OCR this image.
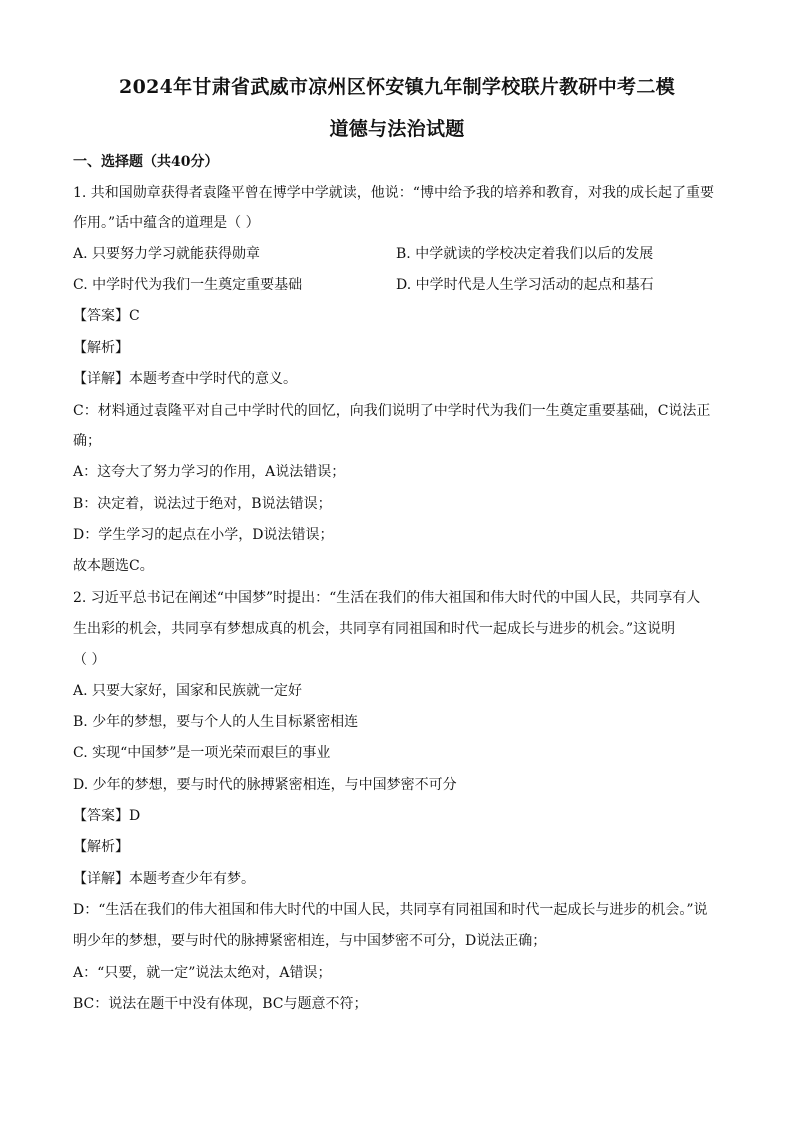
2024年甘肃省武威市凉州区怀安镇九年制学校联片教研中考二模
道德与法治试题
一、选择题（共40分）
1. 共和国勋章获得者袁隆平曾在博学中学就读，他说：“博中给予我的培养和教育，对我的成长起了重要
作用。”话中蕴含的道理是（ ）
A. 只要努力学习就能获得勋章	B. 中学就读的学校决定着我们以后的发展
C. 中学时代为我们一生奠定重要基础	D. 中学时代是人生学习活动的起点和基石
【答案】C
【解析】
【详解】本题考查中学时代的意义。
C：材料通过袁隆平对自己中学时代的回忆，向我们说明了中学时代为我们一生奠定重要基础，C说法正
确；
A：这夸大了努力学习的作用，A说法错误；
B：决定着，说法过于绝对，B说法错误；
D：学生学习的起点在小学，D说法错误；
故本题选C。
2. 习近平总书记在阐述“中国梦”时提出：“生活在我们的伟大祖国和伟大时代的中国人民，共同享有人
生出彩的机会，共同享有梦想成真的机会，共同享有同祖国和时代一起成长与进步的机会。”这说明
（ ）
A. 只要大家好，国家和民族就一定好
B. 少年的梦想，要与个人的人生目标紧密相连
C. 实现“中国梦”是一项光荣而艰巨的事业
D. 少年的梦想，要与时代的脉搏紧密相连，与中国梦密不可分
【答案】D
【解析】
【详解】本题考查少年有梦。
D：“生活在我们的伟大祖国和伟大时代的中国人民，共同享有同祖国和时代一起成长与进步的机会。”说
明少年的梦想，要与时代的脉搏紧密相连，与中国梦密不可分，D说法正确；
A：“只要，就一定”说法太绝对，A错误；
BC：说法在题干中没有体现，BC与题意不符；
